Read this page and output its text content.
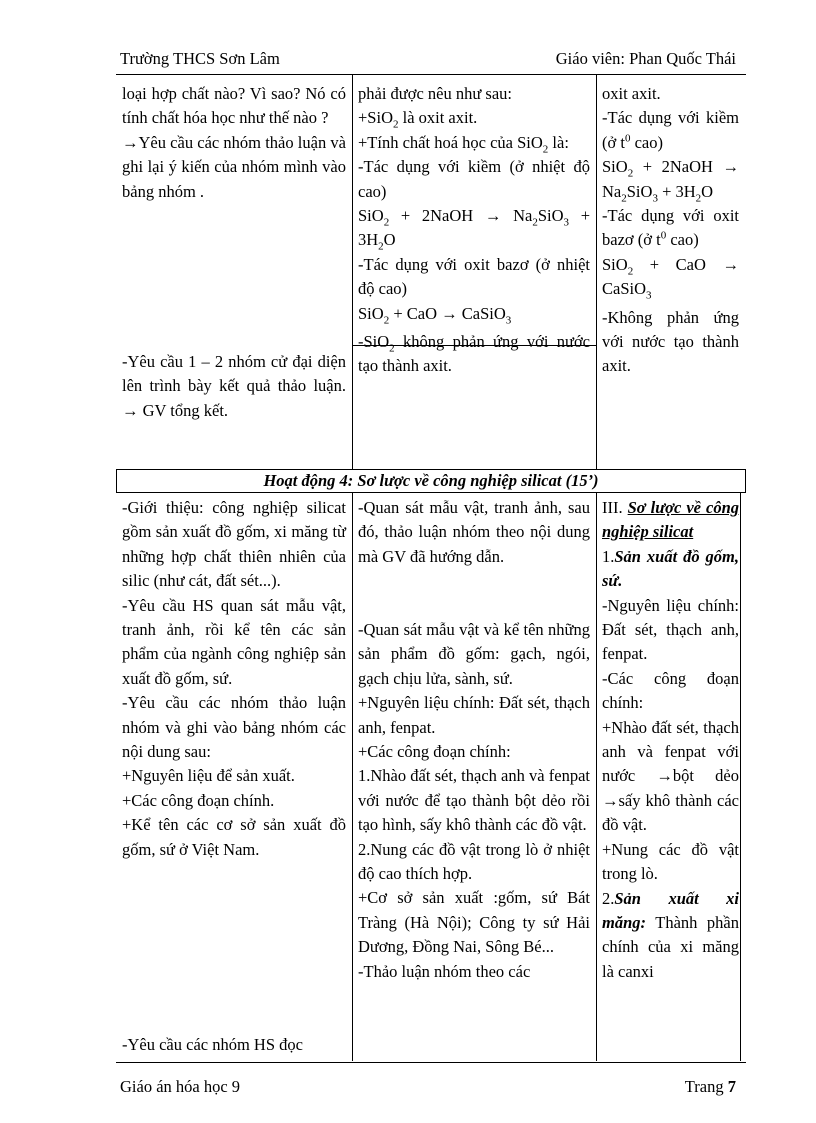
Trường THCS Sơn Lâm	Giáo viên: Phan Quốc Thái
loại hợp chất nào? Vì sao? Nó có tính chất hóa học như thế nào ?
→Yêu cầu các nhóm thảo luận và ghi lại ý kiến của nhóm mình vào bảng nhóm .
-Yêu cầu 1 – 2 nhóm cử đại diện lên trình bày kết quả thảo luận. → GV tổng kết.
phải được nêu như sau:
+SiO$_2$ là oxit axit.
+Tính chất hoá học của SiO$_2$ là:
-Tác dụng với kiềm (ở nhiệt độ cao)
SiO$_2$ + 2NaOH → $Na_2SiO_3 + 3H_2O$
-Tác dụng với oxit bazơ (ở nhiệt độ cao)
SiO$_2$ + CaO → CaSiO$_3$
-SiO$_2$ không phản ứng với nước tạo thành axit.
oxit axit.
-Tác dụng với kiềm (ở $t^0$ cao)
SiO$_2$ + 2NaOH → $Na_2SiO_3 + 3H_2O$
-Tác dụng với oxit bazơ (ở $t^0$ cao)
SiO$_2$ + CaO → CaSiO$_3$
-Không phản ứng với nước tạo thành axit.
Hoạt động 4: Sơ lược về công nghiệp silicat (15’)
-Giới thiệu: công nghiệp silicat gồm sản xuất đồ gốm, xi măng từ những hợp chất thiên nhiên của silic (như cát, đất sét...).
-Yêu cầu HS quan sát mẫu vật, tranh ảnh, rồi kể tên các sản phẩm của ngành công nghiệp sản xuất đồ gốm, sứ.
-Yêu cầu các nhóm thảo luận nhóm và ghi vào bảng nhóm các nội dung sau:
+Nguyên liệu để sản xuất.
+Các công đoạn chính.
+Kể tên các cơ sở sản xuất đồ gốm, sứ ở Việt Nam.
-Yêu cầu các nhóm HS đọc
-Quan sát mẫu vật, tranh ảnh, sau đó, thảo luận nhóm theo nội dung mà GV đã hướng dẫn.
-Quan sát mẫu vật và kể tên những sản phẩm đồ gốm: gạch, ngói, gạch chịu lửa, sành, sứ.
+Nguyên liệu chính: Đất sét, thạch anh, fenpat.
+Các công đoạn chính:
1.Nhào đất sét, thạch anh và fenpat với nước để tạo thành bột dẻo rồi tạo hình, sấy khô thành các đồ vật.
2.Nung các đồ vật trong lò ở nhiệt độ cao thích hợp.
+Cơ sở sản xuất :gốm, sứ Bát Tràng (Hà Nội); Công ty sứ Hải Dương, Đồng Nai, Sông Bé...
-Thảo luận nhóm theo các
III. Sơ lược về công nghiệp silicat
1.Sản xuất đồ gốm, sứ.
-Nguyên liệu chính: Đất sét, thạch anh, fenpat.
-Các công đoạn chính:
+Nhào đất sét, thạch anh và fenpat với nước →bột dẻo →sấy khô thành các đồ vật.
+Nung các đồ vật trong lò.
2.Sản xuất xi măng: Thành phần chính của xi măng là canxi
Giáo án hóa học 9	Trang 7
